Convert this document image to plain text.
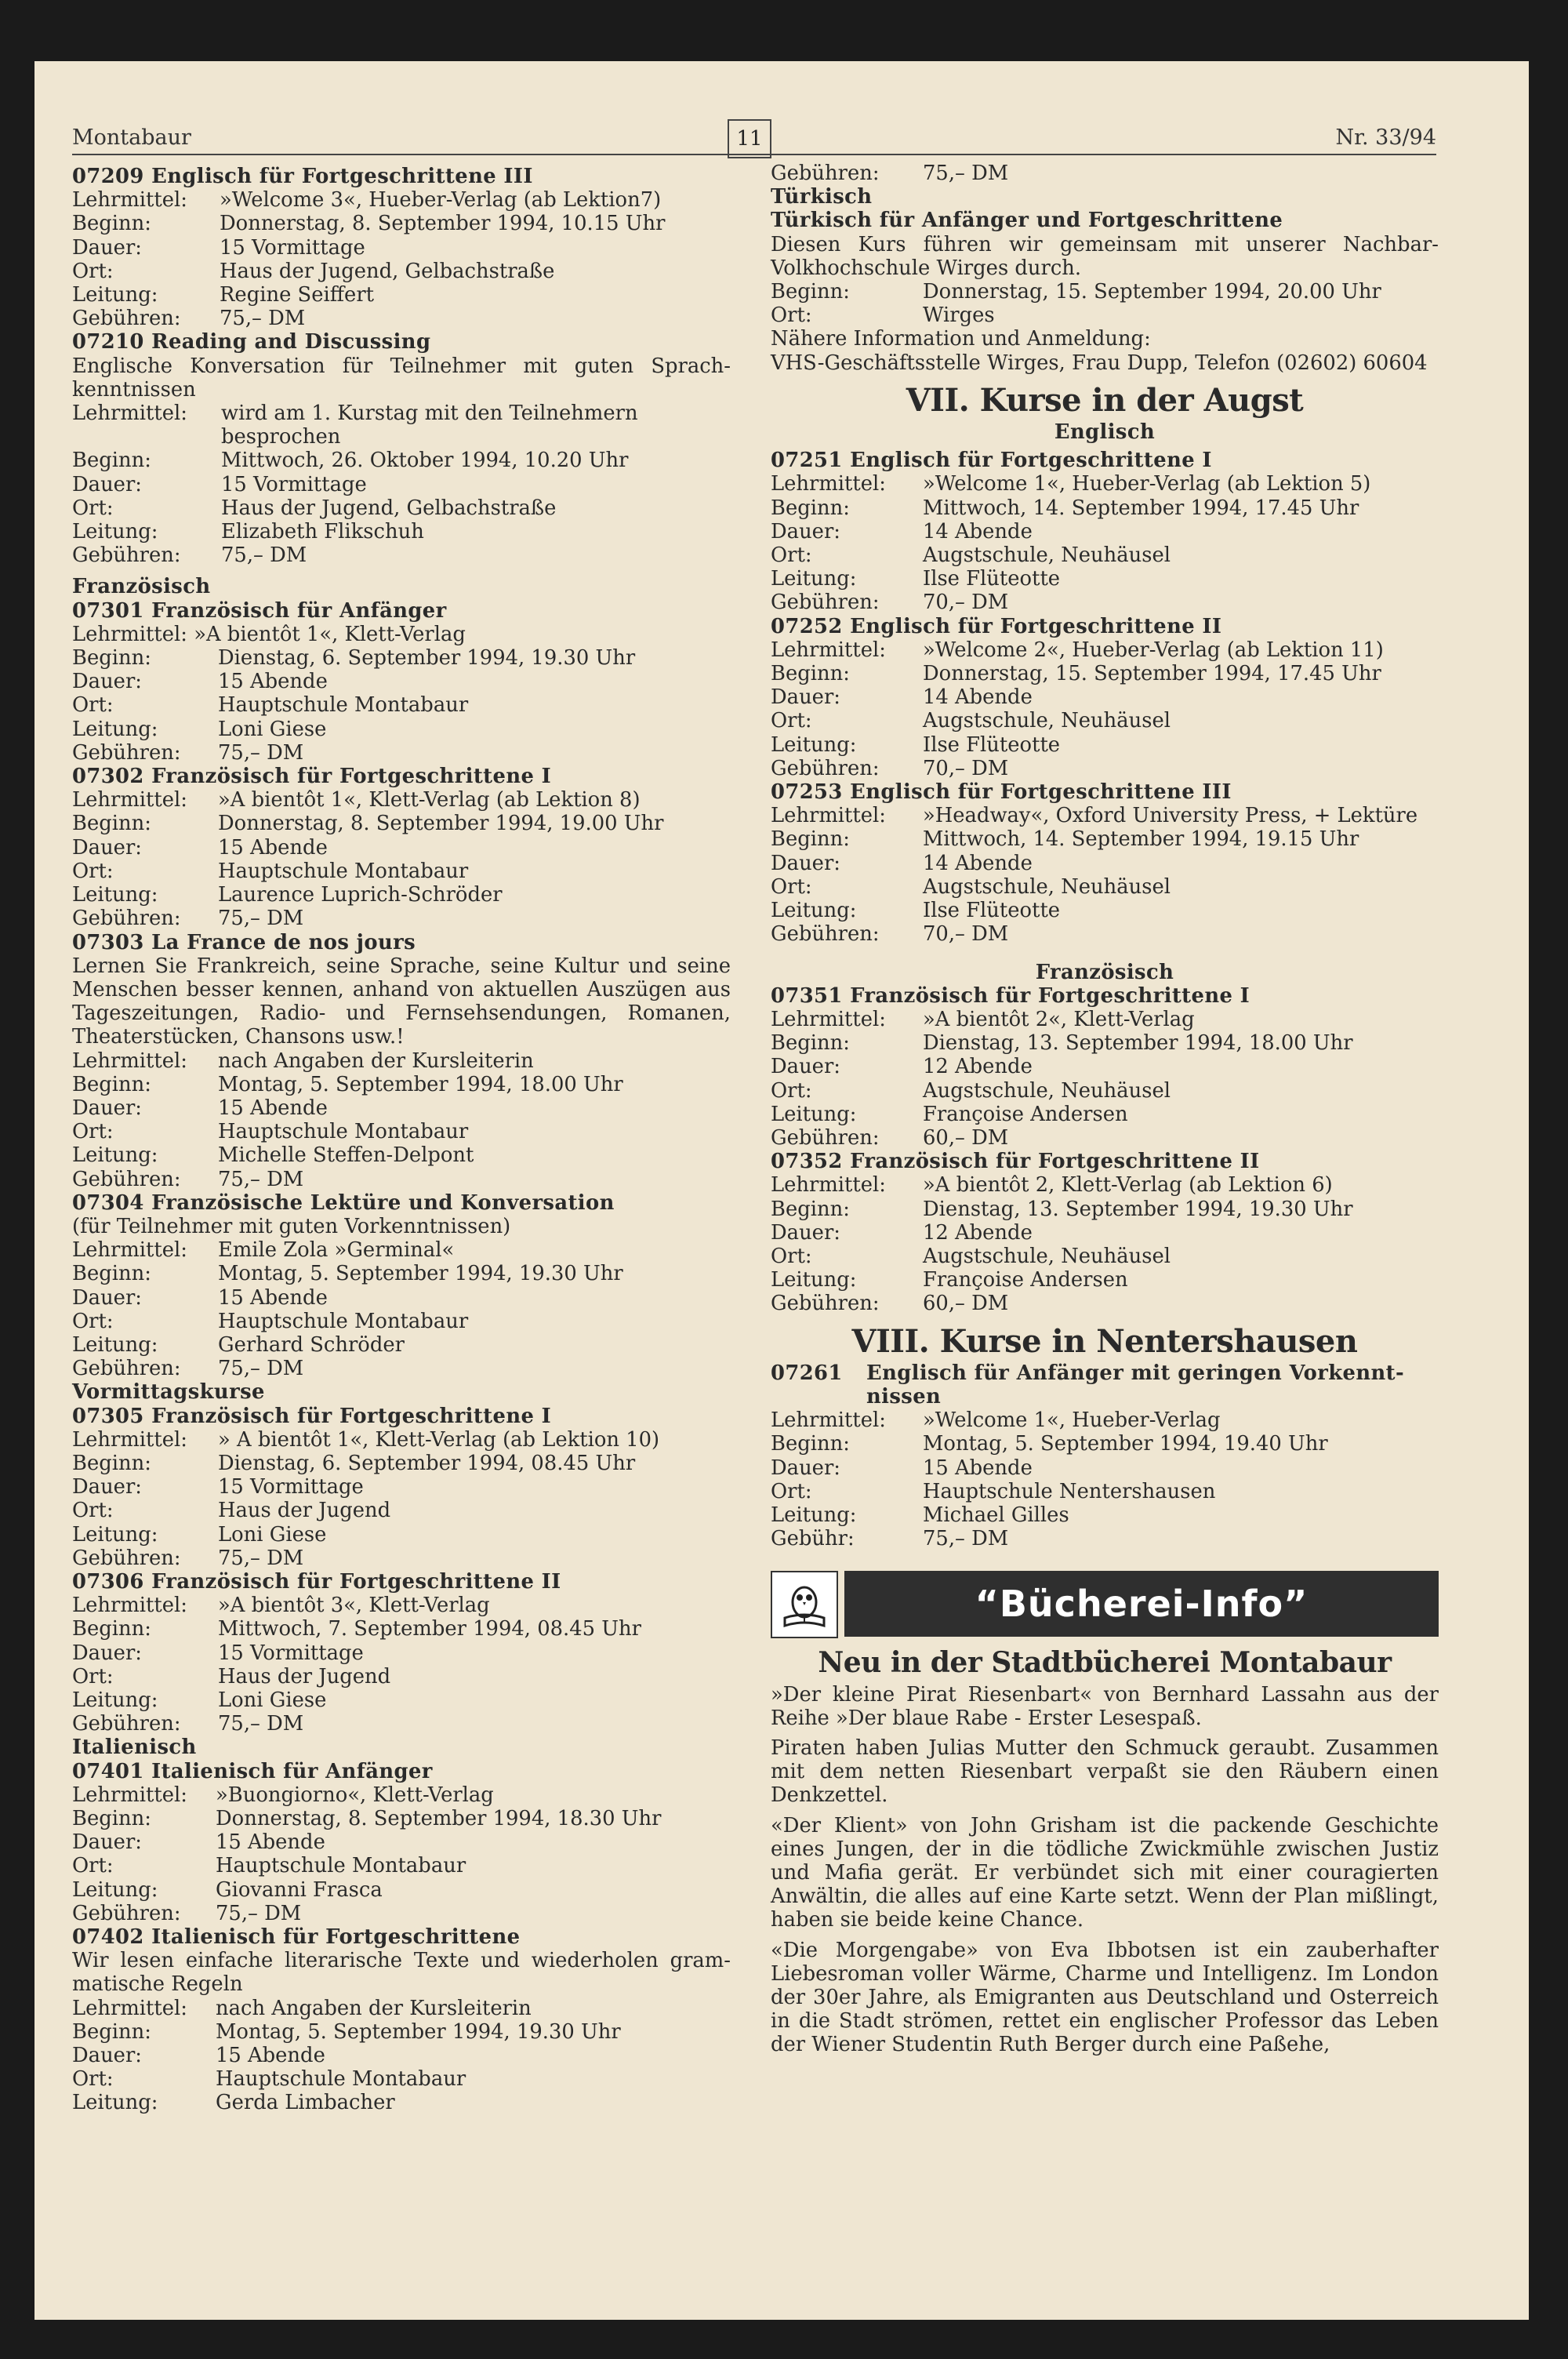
Montabaur	11	Nr. 33/94
07209 Englisch für Fortgeschrittene III
Lehrmittel:	»Welcome 3«, Hueber-Verlag (ab Lektion7)
Beginn:	Donnerstag, 8. September 1994, 10.15 Uhr
Dauer:	15 Vormittage
Ort:	Haus der Jugend, Gelbachstraße
Leitung:	Regine Seiffert
Gebühren:	75,– DM
07210 Reading and Discussing
Englische Konversation für Teilnehmer mit guten Sprach-kenntnissen
Lehrmittel:	wird am 1. Kurstag mit den Teilnehmern
besprochen
Beginn:	Mittwoch, 26. Oktober 1994, 10.20 Uhr
Dauer:	15 Vormittage
Ort:	Haus der Jugend, Gelbachstraße
Leitung:	Elizabeth Flikschuh
Gebühren:	75,– DM
Französisch
07301 Französisch für Anfänger
Lehrmittel: »A bientôt 1«, Klett-Verlag
Beginn:	Dienstag, 6. September 1994, 19.30 Uhr
Dauer:	15 Abende
Ort:	Hauptschule Montabaur
Leitung:	Loni Giese
Gebühren:	75,– DM
07302 Französisch für Fortgeschrittene I
Lehrmittel:	»A bientôt 1«, Klett-Verlag (ab Lektion 8)
Beginn:	Donnerstag, 8. September 1994, 19.00 Uhr
Dauer:	15 Abende
Ort:	Hauptschule Montabaur
Leitung:	Laurence Luprich-Schröder
Gebühren:	75,– DM
07303 La France de nos jours
Lernen Sie Frankreich, seine Sprache, seine Kultur und seine Menschen besser kennen, anhand von aktuellen Auszügen aus Tageszeitungen, Radio- und Fernsehsendungen, Romanen, Theaterstücken, Chansons usw.!
Lehrmittel:	nach Angaben der Kursleiterin
Beginn:	Montag, 5. September 1994, 18.00 Uhr
Dauer:	15 Abende
Ort:	Hauptschule Montabaur
Leitung:	Michelle Steffen-Delpont
Gebühren:	75,– DM
07304 Französische Lektüre und Konversation
(für Teilnehmer mit guten Vorkenntnissen)
Lehrmittel:	Emile Zola »Germinal«
Beginn:	Montag, 5. September 1994, 19.30 Uhr
Dauer:	15 Abende
Ort:	Hauptschule Montabaur
Leitung:	Gerhard Schröder
Gebühren:	75,– DM
Vormittagskurse
07305 Französisch für Fortgeschrittene I
Lehrmittel:	» A bientôt 1«, Klett-Verlag (ab Lektion 10)
Beginn:	Dienstag, 6. September 1994, 08.45 Uhr
Dauer:	15 Vormittage
Ort:	Haus der Jugend
Leitung:	Loni Giese
Gebühren:	75,– DM
07306 Französisch für Fortgeschrittene II
Lehrmittel:	»A bientôt 3«, Klett-Verlag
Beginn:	Mittwoch, 7. September 1994, 08.45 Uhr
Dauer:	15 Vormittage
Ort:	Haus der Jugend
Leitung:	Loni Giese
Gebühren:	75,– DM
Italienisch
07401 Italienisch für Anfänger
Lehrmittel:	»Buongiorno«, Klett-Verlag
Beginn:	Donnerstag, 8. September 1994, 18.30 Uhr
Dauer:	15 Abende
Ort:	Hauptschule Montabaur
Leitung:	Giovanni Frasca
Gebühren:	75,– DM
07402 Italienisch für Fortgeschrittene
Wir lesen einfache literarische Texte und wiederholen gram-matische Regeln
Lehrmittel:	nach Angaben der Kursleiterin
Beginn:	Montag, 5. September 1994, 19.30 Uhr
Dauer:	15 Abende
Ort:	Hauptschule Montabaur
Leitung:	Gerda Limbacher
Gebühren:	75,– DM
Türkisch
Türkisch für Anfänger und Fortgeschrittene
Diesen Kurs führen wir gemeinsam mit unserer Nachbar-Volkhochschule Wirges durch.
Beginn:	Donnerstag, 15. September 1994, 20.00 Uhr
Ort:	Wirges
Nähere Information und Anmeldung:
VHS-Geschäftsstelle Wirges, Frau Dupp, Telefon (02602) 60604
VII. Kurse in der Augst
Englisch
07251 Englisch für Fortgeschrittene I
Lehrmittel:	»Welcome 1«, Hueber-Verlag (ab Lektion 5)
Beginn:	Mittwoch, 14. September 1994, 17.45 Uhr
Dauer:	14 Abende
Ort:	Augstschule, Neuhäusel
Leitung:	Ilse Flüteotte
Gebühren:	70,– DM
07252 Englisch für Fortgeschrittene II
Lehrmittel:	»Welcome 2«, Hueber-Verlag (ab Lektion 11)
Beginn:	Donnerstag, 15. September 1994, 17.45 Uhr
Dauer:	14 Abende
Ort:	Augstschule, Neuhäusel
Leitung:	Ilse Flüteotte
Gebühren:	70,– DM
07253 Englisch für Fortgeschrittene III
Lehrmittel:	»Headway«, Oxford University Press, + Lektüre
Beginn:	Mittwoch, 14. September 1994, 19.15 Uhr
Dauer:	14 Abende
Ort:	Augstschule, Neuhäusel
Leitung:	Ilse Flüteotte
Gebühren:	70,– DM
Französisch
07351 Französisch für Fortgeschrittene I
Lehrmittel:	»A bientôt 2«, Klett-Verlag
Beginn:	Dienstag, 13. September 1994, 18.00 Uhr
Dauer:	12 Abende
Ort:	Augstschule, Neuhäusel
Leitung:	Françoise Andersen
Gebühren:	60,– DM
07352 Französisch für Fortgeschrittene II
Lehrmittel:	»A bientôt 2, Klett-Verlag (ab Lektion 6)
Beginn:	Dienstag, 13. September 1994, 19.30 Uhr
Dauer:	12 Abende
Ort:	Augstschule, Neuhäusel
Leitung:	Françoise Andersen
Gebühren:	60,– DM
VIII. Kurse in Nentershausen
07261	Englisch für Anfänger mit geringen Vorkennt-nissen
Lehrmittel:	»Welcome 1«, Hueber-Verlag
Beginn:	Montag, 5. September 1994, 19.40 Uhr
Dauer:	15 Abende
Ort:	Hauptschule Nentershausen
Leitung:	Michael Gilles
Gebühr:	75,– DM
“Bücherei-Info”
Neu in der Stadtbücherei Montabaur
»Der kleine Pirat Riesenbart« von Bernhard Lassahn aus der Reihe »Der blaue Rabe - Erster Lesespaß.
Piraten haben Julias Mutter den Schmuck geraubt. Zusammen mit dem netten Riesenbart verpaßt sie den Räubern einen Denkzettel.
«Der Klient» von John Grisham ist die packende Geschichte eines Jungen, der in die tödliche Zwickmühle zwischen Justiz und Mafia gerät. Er verbündet sich mit einer couragierten Anwältin, die alles auf eine Karte setzt. Wenn der Plan mißlingt, haben sie beide keine Chance.
«Die Morgengabe» von Eva Ibbotsen ist ein zauberhafter Liebesroman voller Wärme, Charme und Intelligenz. Im London der 30er Jahre, als Emigranten aus Deutschland und Osterreich in die Stadt strömen, rettet ein englischer Professor das Leben der Wiener Studentin Ruth Berger durch eine Paßehe,
